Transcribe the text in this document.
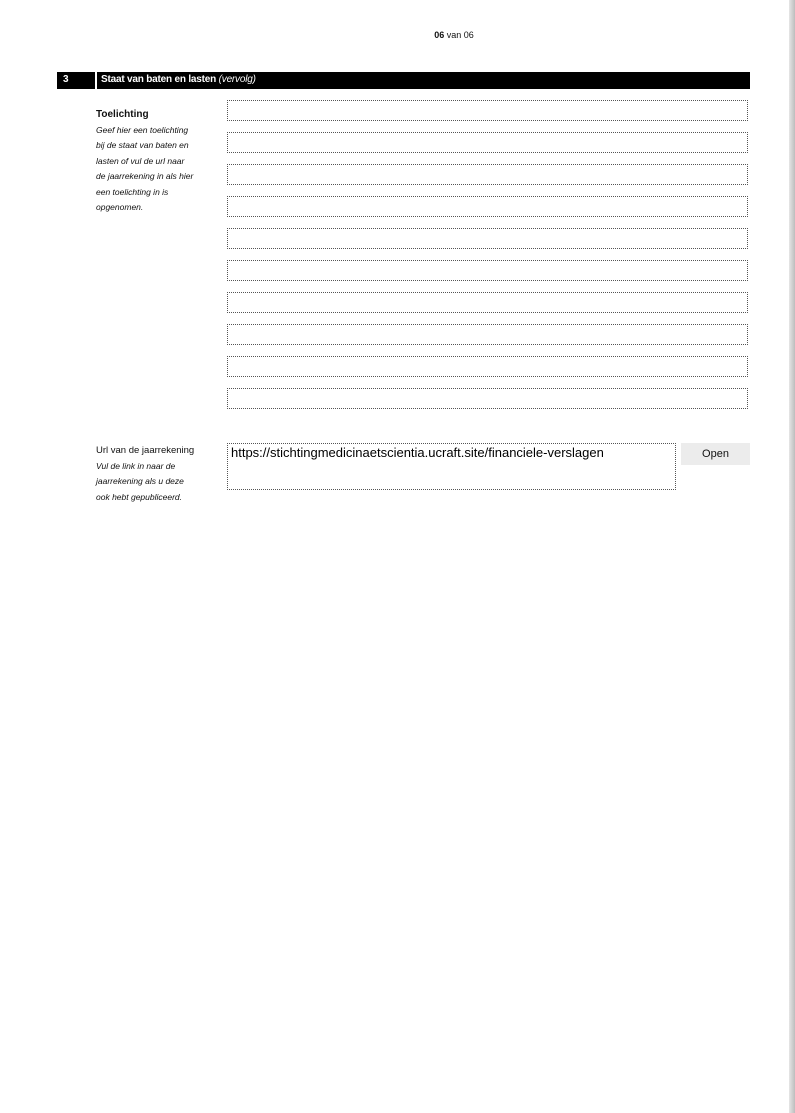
06 van 06
3	Staat van baten en lasten (vervolg)
Toelichting
Geef hier een toelichting
bij de staat van baten en
lasten of vul de url naar
de jaarrekening in als hier
een toelichting in is
opgenomen.
Url van de jaarrekening
Vul de link in naar de
jaarrekening als u deze
ook hebt gepubliceerd.
https://stichtingmedicinaetscientia.ucraft.site/financiele-verslagen	Open
